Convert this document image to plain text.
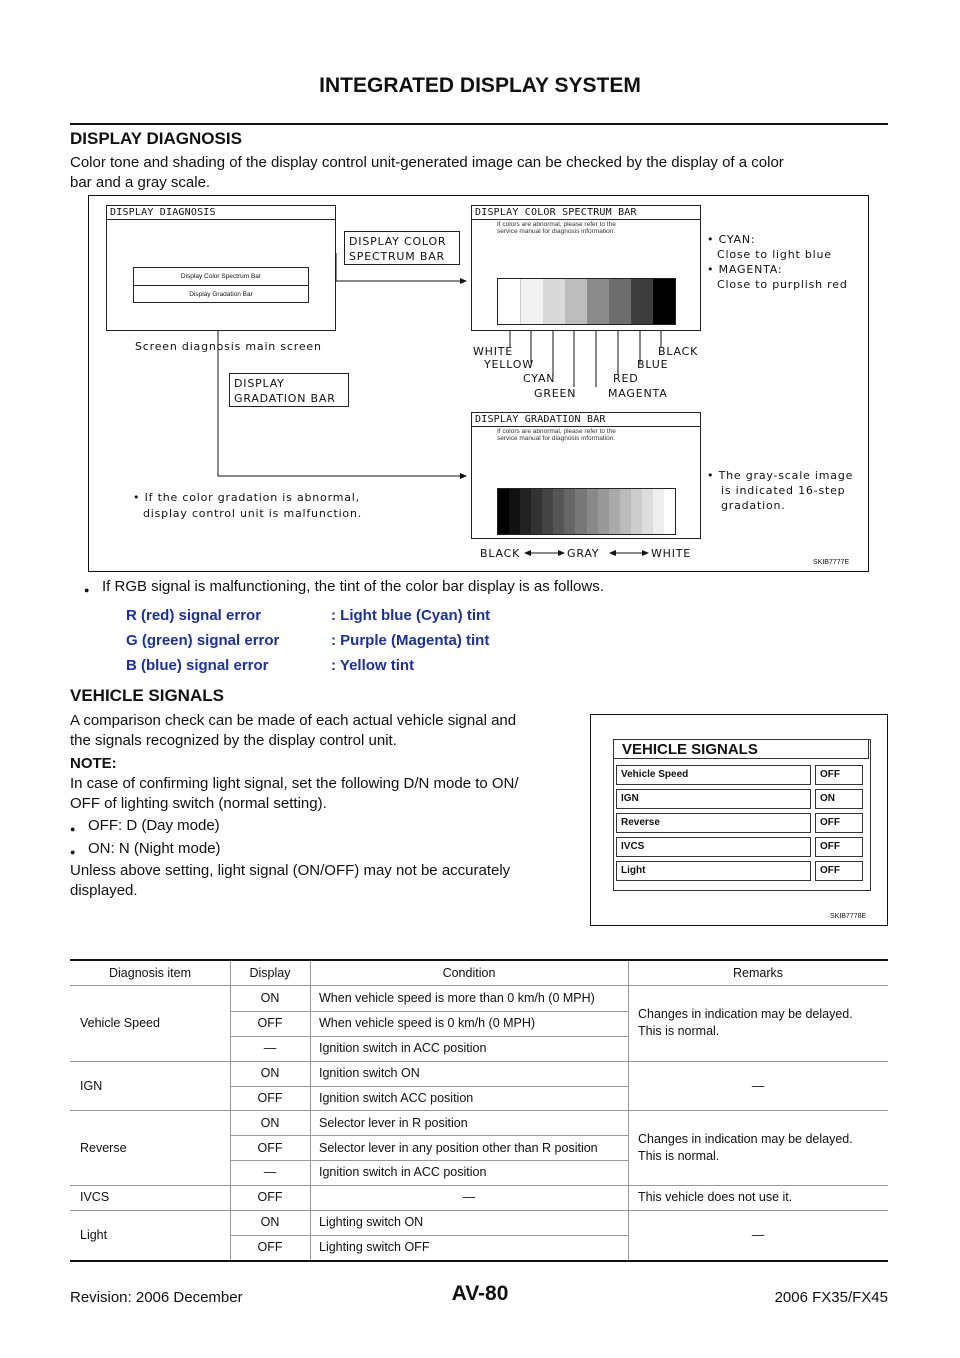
INTEGRATED DISPLAY SYSTEM
DISPLAY DIAGNOSIS
Color tone and shading of the display control unit-generated image can be checked by the display of a color
bar and a gray scale.
DISPLAY DIAGNOSIS
Display Color Spectrum Bar
Display Gradation Bar
Screen diagnosis main screen
DISPLAY COLOR
SPECTRUM BAR
DISPLAY
GRADATION BAR
DISPLAY COLOR SPECTRUM BAR
If colors are abnormal, please refer to the
service manual for diagnosis information.
WHITE
YELLOW
CYAN
GREEN	MAGENTA
RED
BLUE
BLACK
• CYAN:
Close to light blue
• MAGENTA:
Close to purplish red
DISPLAY GRADATION BAR
If colors are abnormal, please refer to the
service manual for diagnosis information.
• The gray-scale image
is indicated 16-step
gradation.
• If the color gradation is abnormal,
display control unit is malfunction.
BLACK	GRAY	WHITE
SKIB7777E
● If RGB signal is malfunctioning, the tint of the color bar display is as follows.
R (red) signal error	: Light blue (Cyan) tint
G (green) signal error	: Purple (Magenta) tint
B (blue) signal error	: Yellow tint
VEHICLE SIGNALS
A comparison check can be made of each actual vehicle signal and
the signals recognized by the display control unit.
NOTE:
In case of confirming light signal, set the following D/N mode to ON/
OFF of lighting switch (normal setting).
● OFF: D (Day mode)
● ON: N (Night mode)
Unless above setting, light signal (ON/OFF) may not be accurately
displayed.
VEHICLE SIGNALS
Vehicle Speed	OFF
IGN	ON
Reverse	OFF
IVCS	OFF
Light	OFF
SKIB7778E
Diagnosis item	Display	Condition	Remarks
Vehicle Speed
ON	When vehicle speed is more than 0 km/h (0 MPH)
OFF	When vehicle speed is 0 km/h (0 MPH)
—	Ignition switch in ACC position
Changes in indication may be delayed.
This is normal.
IGN
ON	Ignition switch ON
OFF	Ignition switch ACC position
—
Reverse
ON	Selector lever in R position
OFF	Selector lever in any position other than R position
—	Ignition switch in ACC position
Changes in indication may be delayed.
This is normal.
IVCS	OFF	—	This vehicle does not use it.
Light
ON	Lighting switch ON
OFF	Lighting switch OFF
—
Revision: 2006 December	AV-80	2006 FX35/FX45
